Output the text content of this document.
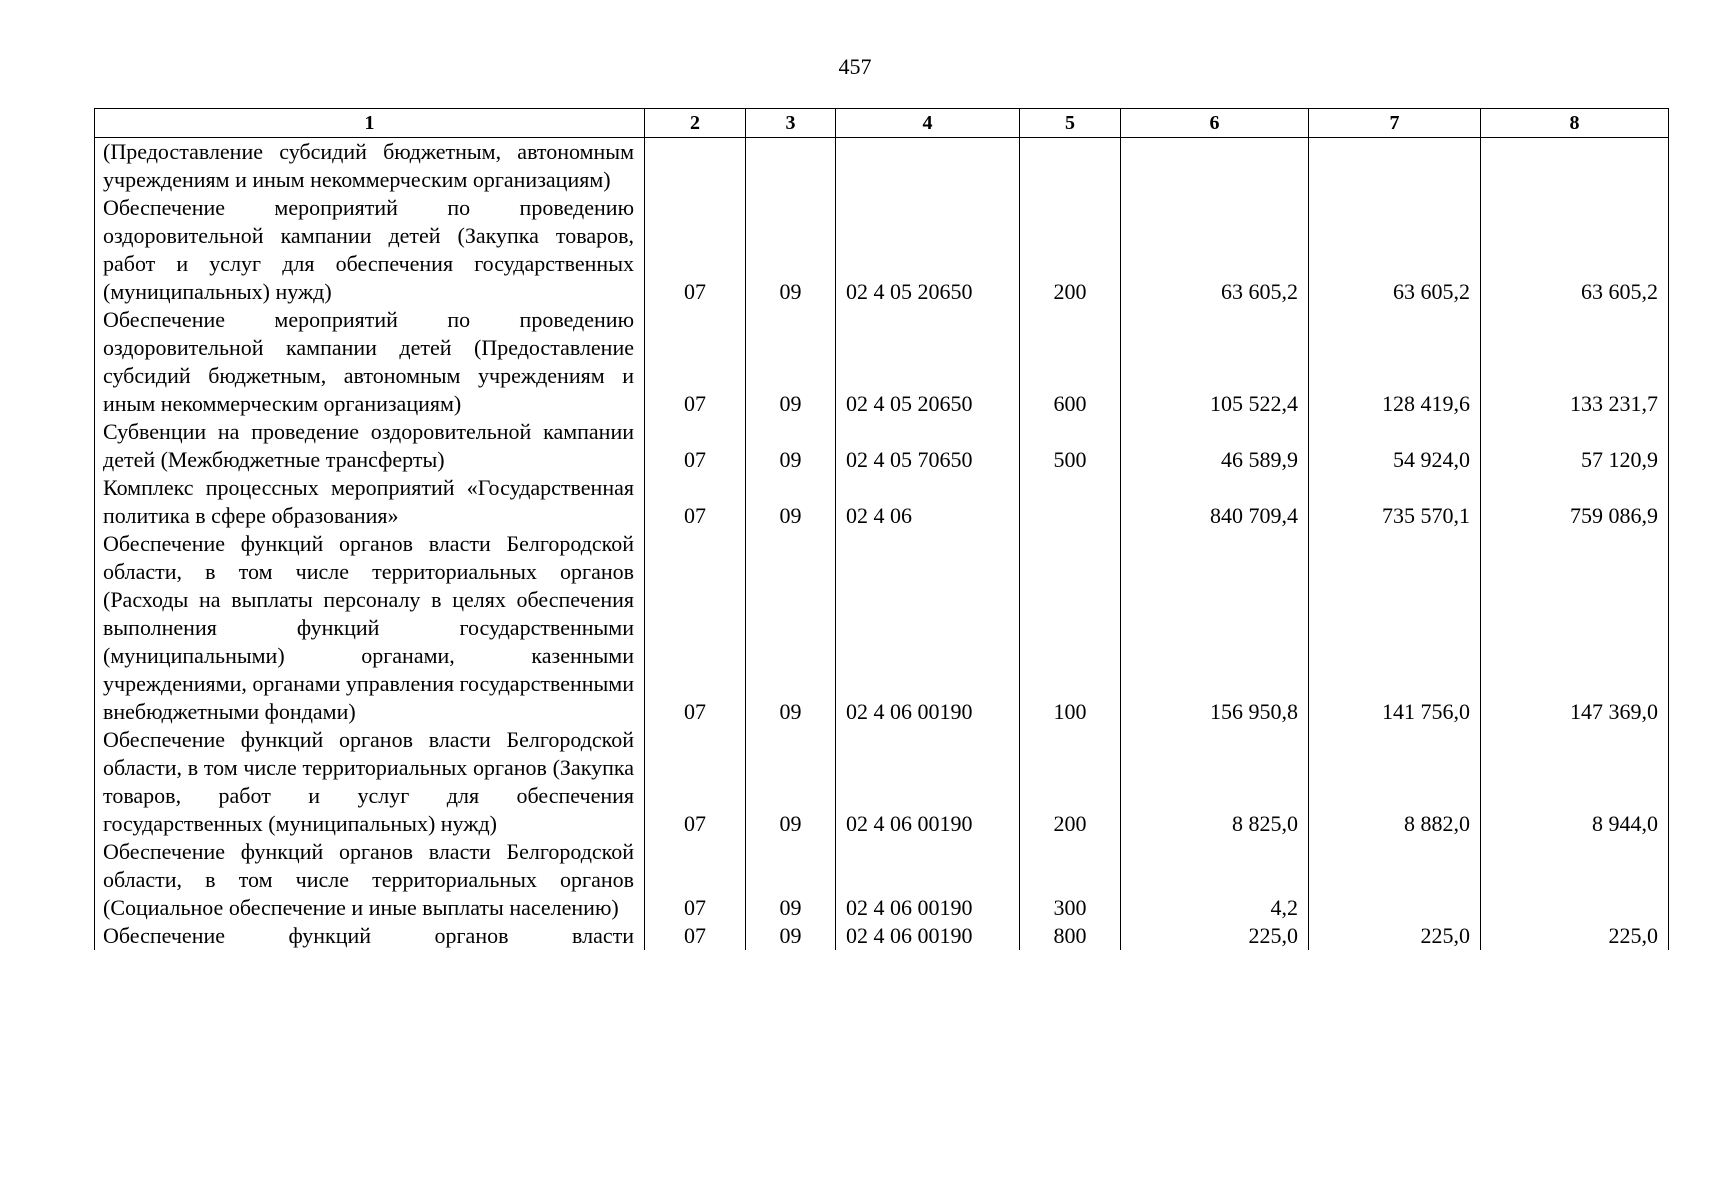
457
1	2	3	4	5	6	7	8
(Предоставление субсидий бюджетным, автономным учреждениям и иным некоммерческим организациям)							
Обеспечение мероприятий по проведению оздоровительной кампании детей (Закупка товаров, работ и услуг для обеспечения государственных (муниципальных) нужд)	07	09	02 4 05 20650	200	63 605,2	63 605,2	63 605,2
Обеспечение мероприятий по проведению оздоровительной кампании детей (Предоставление субсидий бюджетным, автономным учреждениям и иным некоммерческим организациям)	07	09	02 4 05 20650	600	105 522,4	128 419,6	133 231,7
Субвенции на проведение оздоровительной кампании детей (Межбюджетные трансферты)	07	09	02 4 05 70650	500	46 589,9	54 924,0	57 120,9
Комплекс процессных мероприятий «Государственная политика в сфере образования»	07	09	02 4 06		840 709,4	735 570,1	759 086,9
Обеспечение функций органов власти Белгородской области, в том числе территориальных органов (Расходы на выплаты персоналу в целях обеспечения выполнения функций государственными (муниципальными) органами, казенными учреждениями, органами управления государственными внебюджетными фондами)	07	09	02 4 06 00190	100	156 950,8	141 756,0	147 369,0
Обеспечение функций органов власти Белгородской области, в том числе территориальных органов (Закупка товаров, работ и услуг для обеспечения государственных (муниципальных) нужд)	07	09	02 4 06 00190	200	8 825,0	8 882,0	8 944,0
Обеспечение функций органов власти Белгородской области, в том числе территориальных органов (Социальное обеспечение и иные выплаты населению)	07	09	02 4 06 00190	300	4,2		
Обеспечение функций органов власти	07	09	02 4 06 00190	800	225,0	225,0	225,0
